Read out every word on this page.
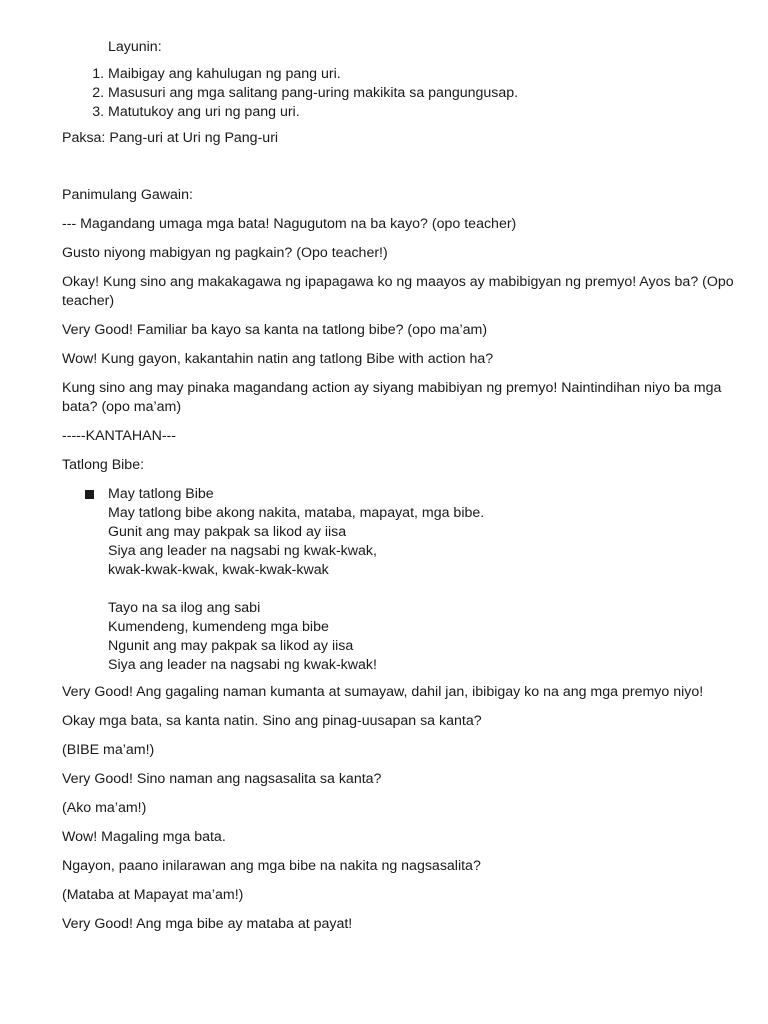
Layunin:
1. Maibigay ang kahulugan ng pang uri.
2. Masusuri ang mga salitang pang-uring makikita sa pangungusap.
3. Matutukoy ang uri ng pang uri.

Paksa: Pang-uri at Uri ng Pang-uri

Panimulang Gawain:

--- Magandang umaga mga bata! Nagugutom na ba kayo? (opo teacher)

Gusto niyong mabigyan ng pagkain? (Opo teacher!)

Okay! Kung sino ang makakagawa ng ipapagawa ko ng maayos ay mabibigyan ng premyo! Ayos ba? (Opo teacher)

Very Good! Familiar ba kayo sa kanta na tatlong bibe? (opo ma’am)

Wow! Kung gayon, kakantahin natin ang tatlong Bibe with action ha?

Kung sino ang may pinaka magandang action ay siyang mabibiyan ng premyo! Naintindihan niyo ba mga bata? (opo ma’am)

-----KANTAHAN---

Tatlong Bibe:

May tatlong Bibe
May tatlong bibe akong nakita, mataba, mapayat, mga bibe.
Gunit ang may pakpak sa likod ay iisa
Siya ang leader na nagsabi ng kwak-kwak,
kwak-kwak-kwak, kwak-kwak-kwak
Tayo na sa ilog ang sabi
Kumendeng, kumendeng mga bibe
Ngunit ang may pakpak sa likod ay iisa
Siya ang leader na nagsabi ng kwak-kwak!

Very Good! Ang gagaling naman kumanta at sumayaw, dahil jan, ibibigay ko na ang mga premyo niyo!

Okay mga bata, sa kanta natin. Sino ang pinag-uusapan sa kanta?

(BIBE ma’am!)

Very Good! Sino naman ang nagsasalita sa kanta?

(Ako ma’am!)

Wow! Magaling mga bata.

Ngayon, paano inilarawan ang mga bibe na nakita ng nagsasalita?

(Mataba at Mapayat ma’am!)

Very Good! Ang mga bibe ay mataba at payat!
